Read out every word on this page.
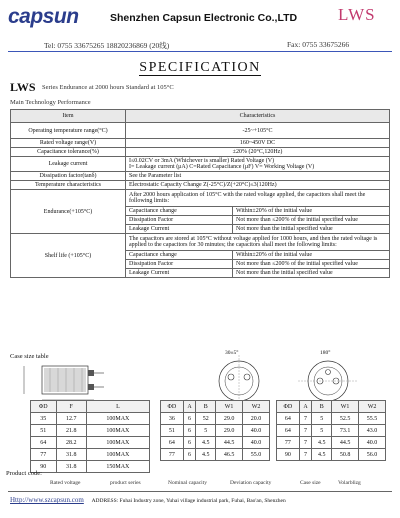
capsun	Shenzhen Capsun Electronic Co.,LTD LWS
Tel: 0755 33675265 18820236869 (20线)	Fax: 0755 33675266
SPECIFICATION
LWS Series Endurance at 2000 hours Standard at 105°C
Main Technology Performance
Item	Characteristics
Operating temperature range(°C)	-25~+105°C
Rated voltage range(V)	160~450V DC
Capacitance tolerance(%)	±20% (20°C,120Hz)
Leakage current	I≤0.02CV or 3mA (Whichever is smaller) Rated Voltage (V)
I= Leakage current (μA) C=Rated Capacitance (μF) V= Working Voltage (V)

Dissipation factor(tanδ)	See the Parameter list
Temperature characteristics	Electrostatic Capacity Change Z(-25°C)/Z(+20°C)≤3(120Hz)
Endurance(+105°C)	
After 2000 hours application of 105°C with the rated voltage applied, the capacitors shall meet the following limits:
Capacitance change	Within±20% of the initial value
Dissipation Factor	Not more than ≤200% of the initial specified value
Leakage Current	Not more than the initial specified value

Shelf life (+105°C)	
The capacitors are stored at 105°C without voltage applied for 1000 hours, and then the rated voltage is applied to the capacitors for 30 minutes; the capacitors shall meet the following limits:
Capacitance change	Within±20% of the initial value
Dissipation Factor	Not more than ≤200% of the initial specified value
Leakage Current	Not more than the initial specified value
Case size table	30±5°	180°
ΦD	F	L
35	12.7	100MAX
51	21.8	100MAX
64	28.2	100MAX
77	31.8	100MAX
90	31.8	150MAX
ΦD	A	B	W1	W2
36	6	52	29.0	20.0
51	6	5	29.0	40.0
64	6	4.5	44.5	40.0
77	6	4.5	46.5	55.0
ΦD	A	B	W1	W2
64	7	5	52.5	55.5
64	7	5	73.1	43.0
77	7	4.5	44.5	40.0
90	7	4.5	50.8	56.0
Product code:
Rated voltage	product series	Nominal capacity	Deviation capacity	Case size	Volarblizg
Http://www.szcapsun.com ADDRESS: Fuhai Industry zone, Yuhai village industrial park, Fuhai, Bao'an, Shenzhen
